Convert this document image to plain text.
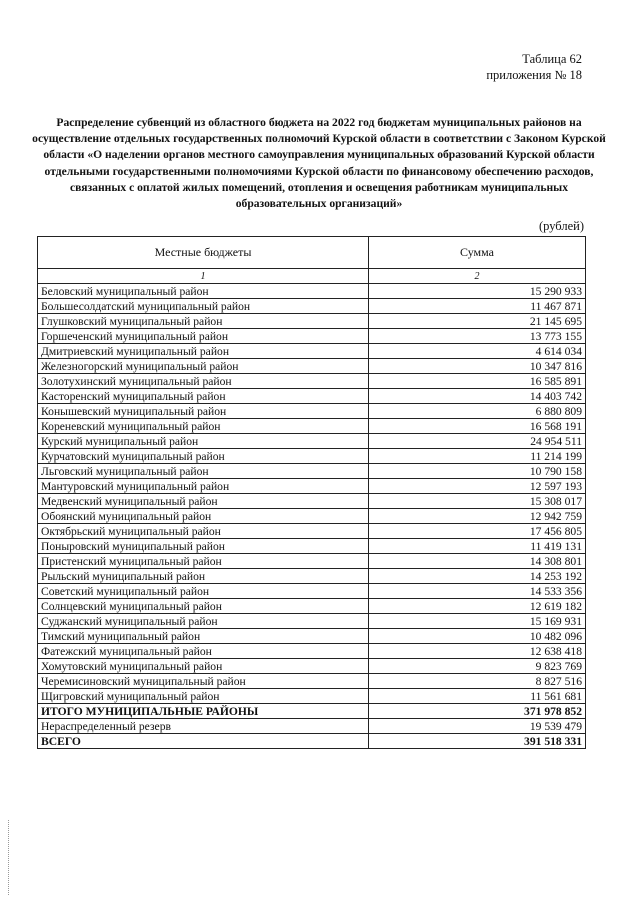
Таблица 62
приложения № 18
Распределение субвенций из областного бюджета на 2022 год бюджетам муниципальных районов на осуществление отдельных государственных полномочий Курской области в соответствии с Законом Курской области «О наделении органов местного самоуправления муниципальных образований Курской области отдельными государственными полномочиями Курской области по финансовому обеспечению расходов, связанных с оплатой жилых помещений, отопления и освещения работникам муниципальных образовательных организаций»
(рублей)
Местные бюджеты	Сумма
1	2
Беловский муниципальный район	15 290 933
Большесолдатский муниципальный район	11 467 871
Глушковский муниципальный район	21 145 695
Горшеченский муниципальный район	13 773 155
Дмитриевский муниципальный район	4 614 034
Железногорский муниципальный район	10 347 816
Золотухинский муниципальный район	16 585 891
Касторенский муниципальный район	14 403 742
Конышевский муниципальный район	6 880 809
Кореневский муниципальный район	16 568 191
Курский муниципальный район	24 954 511
Курчатовский муниципальный район	11 214 199
Льговский муниципальный район	10 790 158
Мантуровский муниципальный район	12 597 193
Медвенский муниципальный район	15 308 017
Обоянский муниципальный район	12 942 759
Октябрьский муниципальный район	17 456 805
Поныровский муниципальный район	11 419 131
Пристенский муниципальный район	14 308 801
Рыльский муниципальный район	14 253 192
Советский муниципальный район	14 533 356
Солнцевский муниципальный район	12 619 182
Суджанский муниципальный район	15 169 931
Тимский муниципальный район	10 482 096
Фатежский муниципальный район	12 638 418
Хомутовский муниципальный район	9 823 769
Черемисиновский муниципальный район	8 827 516
Щигровский муниципальный район	11 561 681
ИТОГО МУНИЦИПАЛЬНЫЕ РАЙОНЫ	371 978 852
Нераспределенный резерв	19 539 479
ВСЕГО	391 518 331
